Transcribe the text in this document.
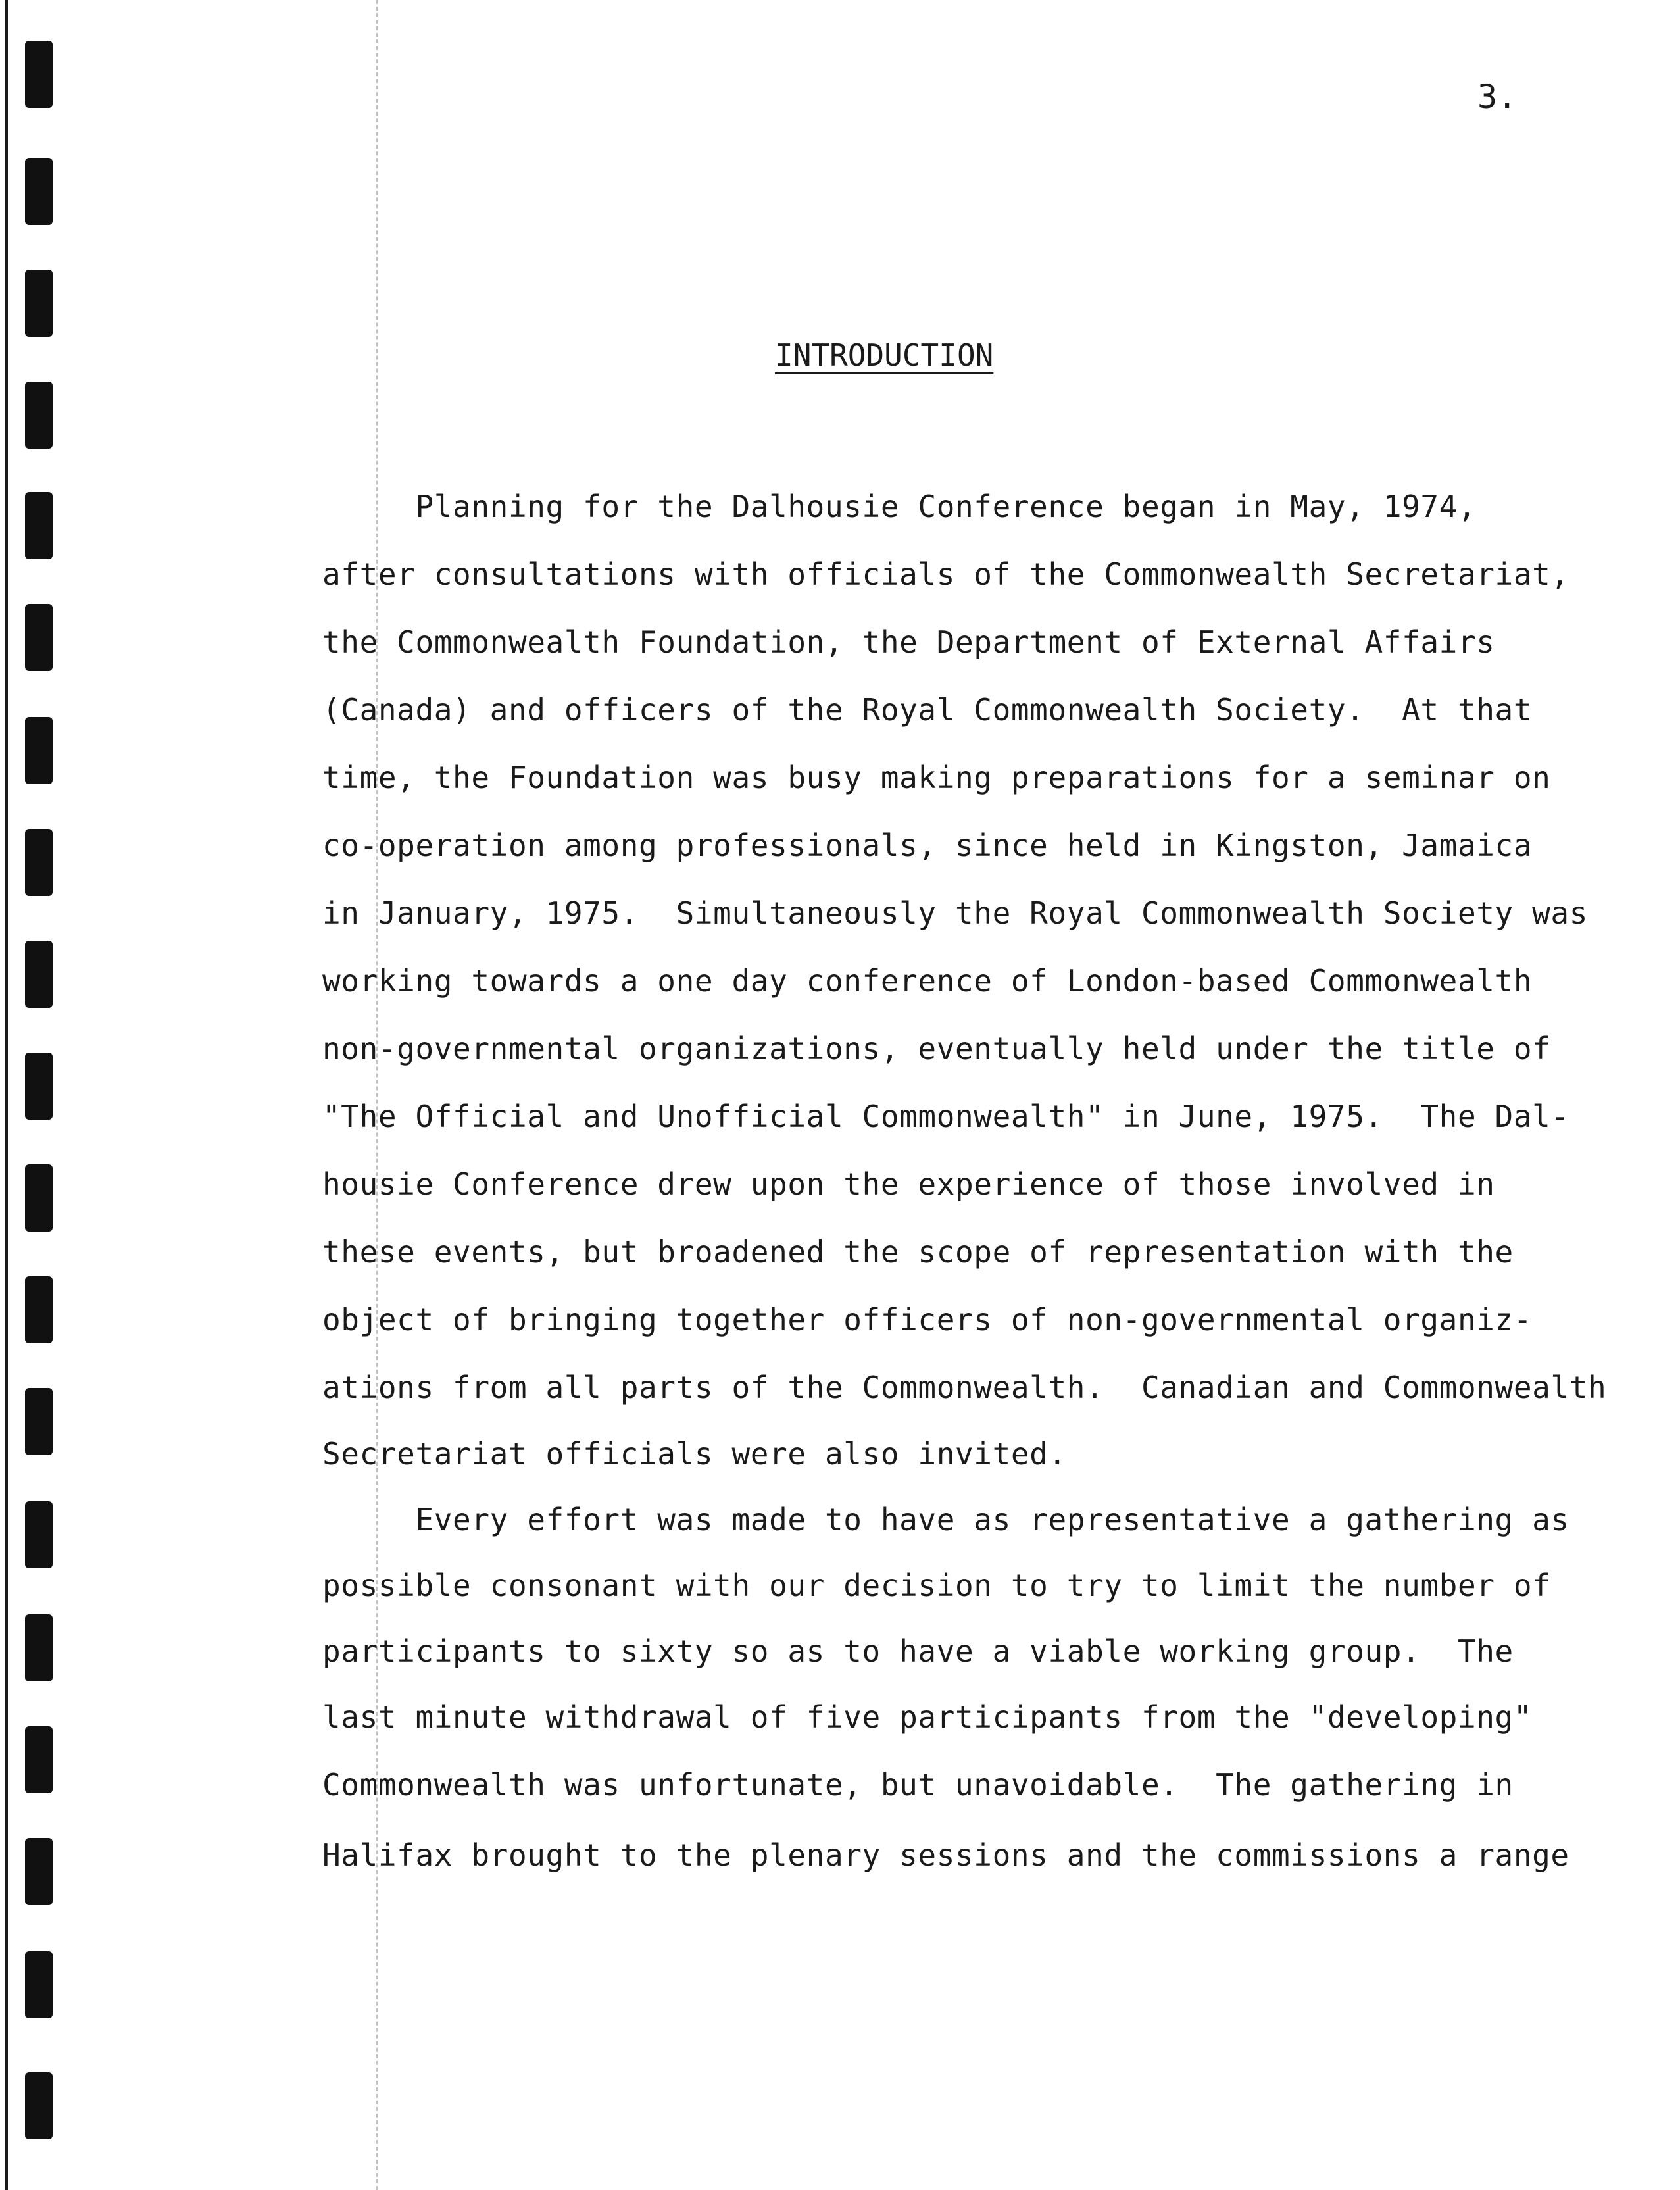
3.
INTRODUCTION
Planning for the Dalhousie Conference began in May, 1974,
after consultations with officials of the Commonwealth Secretariat,
the Commonwealth Foundation, the Department of External Affairs
(Canada) and officers of the Royal Commonwealth Society.  At that
time, the Foundation was busy making preparations for a seminar on
co-operation among professionals, since held in Kingston, Jamaica
in January, 1975.  Simultaneously the Royal Commonwealth Society was
working towards a one day conference of London-based Commonwealth
non-governmental organizations, eventually held under the title of
"The Official and Unofficial Commonwealth" in June, 1975.  The Dal-
housie Conference drew upon the experience of those involved in
these events, but broadened the scope of representation with the
object of bringing together officers of non-governmental organiz-
ations from all parts of the Commonwealth.  Canadian and Commonwealth
Secretariat officials were also invited.
Every effort was made to have as representative a gathering as
possible consonant with our decision to try to limit the number of
participants to sixty so as to have a viable working group.  The
last minute withdrawal of five participants from the "developing"
Commonwealth was unfortunate, but unavoidable.  The gathering in
Halifax brought to the plenary sessions and the commissions a range
